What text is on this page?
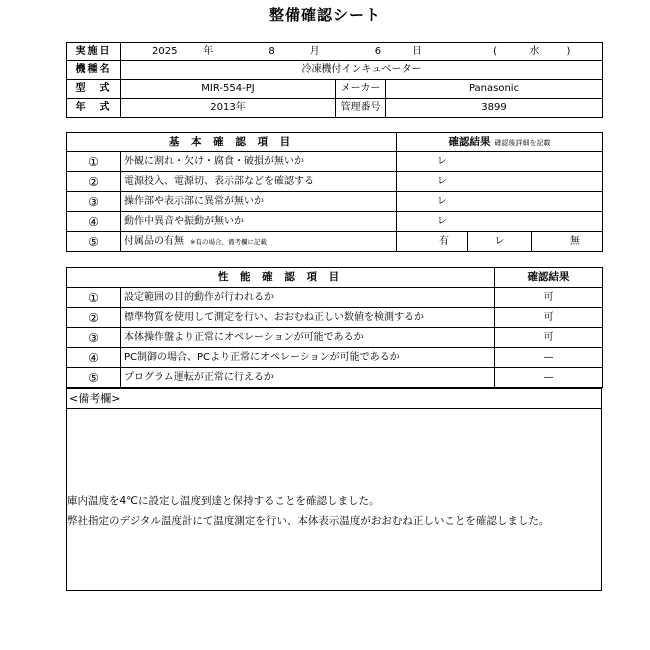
整備確認シート
実施日	2025 年 8 月 6 日 ( 水 )		
機種名	冷凍機付インキュベーター		
型　式	MIR-554-PJ	メーカー	Panasonic
年　式	2013年	管理番号	3899
基 本 確 認 項 目		確認結果 確認後詳細を記載		
①	外観に割れ・欠け・腐食・破損が無いか	レ		
②	電源投入、電源切、表示部などを確認する	レ		
③	操作部や表示部に異常が無いか	レ		
④	動作中異音や振動が無いか	レ		
⑤	付属品の有無 ※有の場合、備考欄に記載	有	レ	無
性 能 確 認 項 目		確認結果
①	設定範囲の目的動作が行われるか	可
②	標準物質を使用して測定を行い、おおむね正しい数値を検測するか	可
③	本体操作盤より正常にオペレーションが可能であるか	可
④	PC制御の場合、PCより正常にオペレーションが可能であるか	—
⑤	プログラム運転が正常に行えるか	—
<備考欄>
庫内温度を4℃に設定し温度到達と保持することを確認しました。
弊社指定のデジタル温度計にて温度測定を行い、本体表示温度がおおむね正しいことを確認しました。
